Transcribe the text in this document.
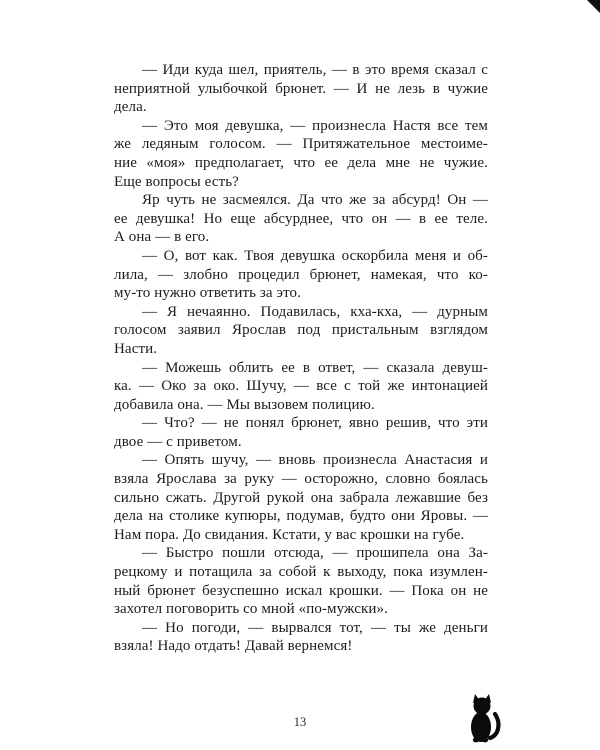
— Иди куда шел, приятель, — в это время сказал с
неприятной улыбочкой брюнет. — И не лезь в чужие
дела.
— Это моя девушка, — произнесла Настя все тем
же ледяным голосом. — Притяжательное местоиме-
ние «моя» предполагает, что ее дела мне не чужие.
Еще вопросы есть?
Яр чуть не засмеялся. Да что же за абсурд! Он —
ее девушка! Но еще абсурднее, что он — в ее теле.
А она — в его.
— О, вот как. Твоя девушка оскорбила меня и об-
лила, — злобно процедил брюнет, намекая, что ко-
му-то нужно ответить за это.
— Я нечаянно. Подавилась, кха-кха, — дурным
голосом заявил Ярослав под пристальным взглядом
Насти.
— Можешь облить ее в ответ, — сказала девуш-
ка. — Око за око. Шучу, — все с той же интонацией
добавила она. — Мы вызовем полицию.
— Что? — не понял брюнет, явно решив, что эти
двое — с приветом.
— Опять шучу, — вновь произнесла Анастасия и
взяла Ярослава за руку — осторожно, словно боялась
сильно сжать. Другой рукой она забрала лежавшие без
дела на столике купюры, подумав, будто они Яровы. —
Нам пора. До свидания. Кстати, у вас крошки на губе.
— Быстро пошли отсюда, — прошипела она За-
рецкому и потащила за собой к выходу, пока изумлен-
ный брюнет безуспешно искал крошки. — Пока он не
захотел поговорить со мной «по-мужски».
— Но погоди, — вырвался тот, — ты же деньги
взяла! Надо отдать! Давай вернемся!
13
